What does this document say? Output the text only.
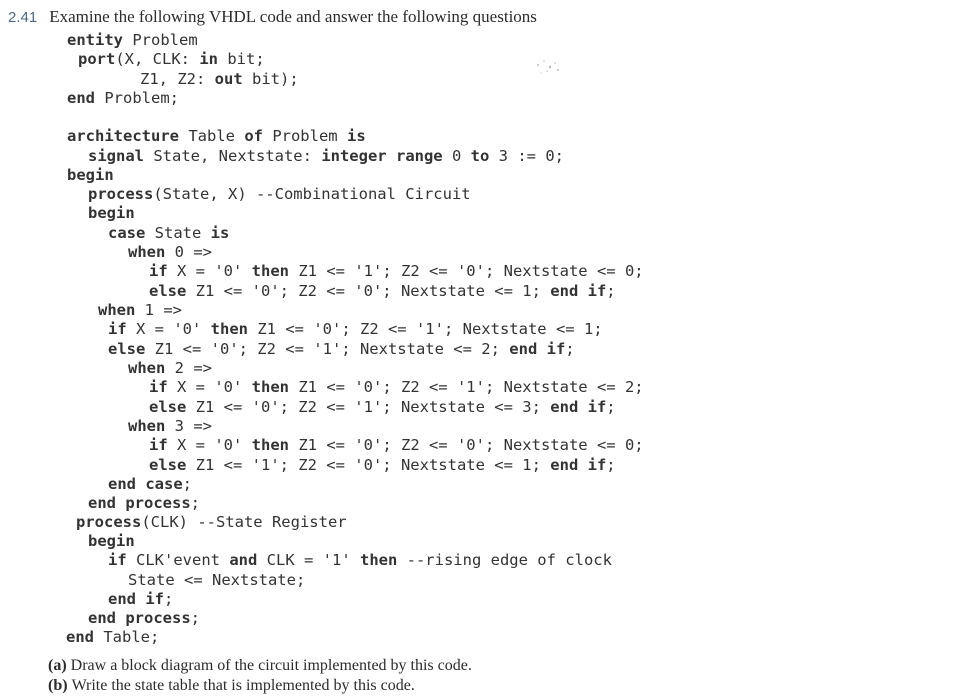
2.41 Examine the following VHDL code and answer the following questions
entity Problem
port(X, CLK: in bit;
Z1, Z2: out bit);
end Problem;
architecture Table of Problem is
signal State, Nextstate: integer range 0 to 3 := 0;
begin
process(State, X) --Combinational Circuit
begin
case State is
when 0 =>
if X = '0' then Z1 <= '1'; Z2 <= '0'; Nextstate <= 0;
else Z1 <= '0'; Z2 <= '0'; Nextstate <= 1; end if;
when 1 =>
if X = '0' then Z1 <= '0'; Z2 <= '1'; Nextstate <= 1;
else Z1 <= '0'; Z2 <= '1'; Nextstate <= 2; end if;
when 2 =>
if X = '0' then Z1 <= '0'; Z2 <= '1'; Nextstate <= 2;
else Z1 <= '0'; Z2 <= '1'; Nextstate <= 3; end if;
when 3 =>
if X = '0' then Z1 <= '0'; Z2 <= '0'; Nextstate <= 0;
else Z1 <= '1'; Z2 <= '0'; Nextstate <= 1; end if;
end case;
end process;
process(CLK) --State Register
begin
if CLK'event and CLK = '1' then --rising edge of clock
State <= Nextstate;
end if;
end process;
end Table;
(a) Draw a block diagram of the circuit implemented by this code.
(b) Write the state table that is implemented by this code.
